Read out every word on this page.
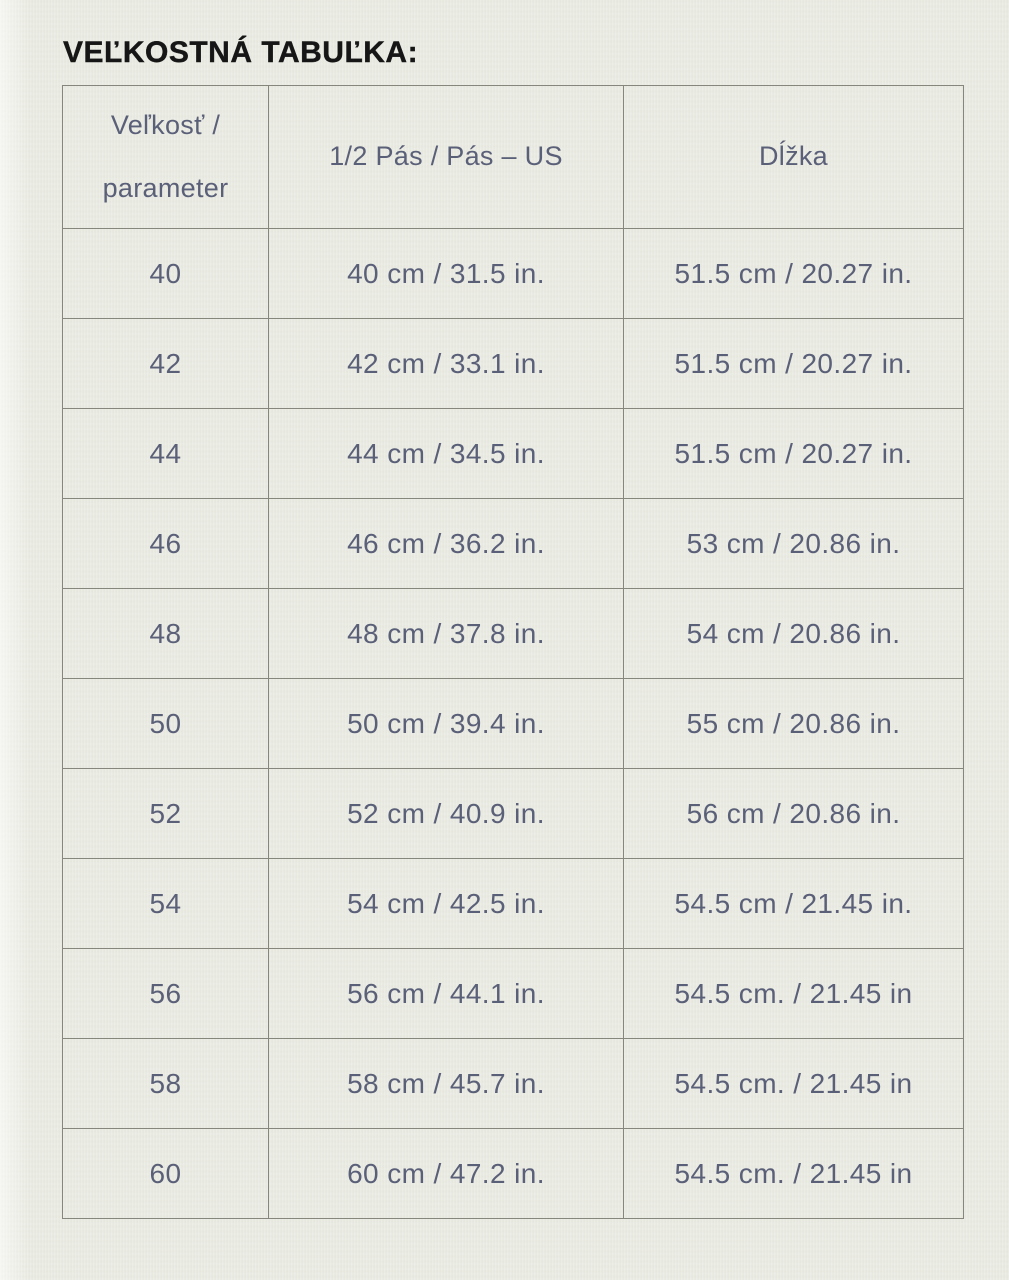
VEĽKOSTNÁ TABUĽKA:
Veľkosť /
parameter	1/2 Pás / Pás – US	Dĺžka
40	40 cm / 31.5 in.	51.5 cm / 20.27 in.
42	42 cm / 33.1 in.	51.5 cm / 20.27 in.
44	44 cm / 34.5 in.	51.5 cm / 20.27 in.
46	46 cm / 36.2 in.	53 cm / 20.86 in.
48	48 cm / 37.8 in.	54 cm / 20.86 in.
50	50 cm / 39.4 in.	55 cm / 20.86 in.
52	52 cm / 40.9 in.	56 cm / 20.86 in.
54	54 cm / 42.5 in.	54.5 cm / 21.45 in.
56	56 cm / 44.1 in.	54.5 cm. / 21.45 in
58	58 cm / 45.7 in.	54.5 cm. / 21.45 in
60	60 cm / 47.2 in.	54.5 cm. / 21.45 in
